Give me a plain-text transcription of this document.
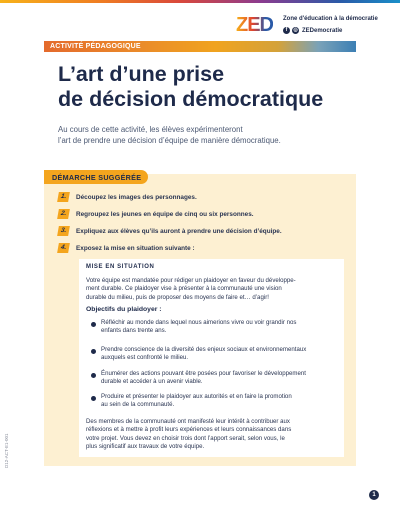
ZED Zone d'éducation à la démocratie
f	◎ ZEDemocratie
ACTIVITÉ PÉDAGOGIQUE
L’art d’une prise
de décision démocratique

Au cours de cette activité, les élèves expérimenteront
l’art de prendre une décision d’équipe de manière démocratique.

DÉMARCHE SUGGÉRÉE
1.	Découpez les images des personnages.
2.	Regroupez les jeunes en équipe de cinq ou six personnes.
3.	Expliquez aux élèves qu’ils auront à prendre une décision d’équipe.
4.	Exposez la mise en situation suivante :
MISE EN SITUATION
Votre équipe est mandatée pour rédiger un plaidoyer en faveur du développe-
ment durable. Ce plaidoyer vise à présenter à la communauté une vision
durable du milieu, puis de proposer des moyens de faire et… d’agir!
Objectifs du plaidoyer :
Réfléchir au monde dans lequel nous aimerions vivre ou voir grandir nos
enfants dans trente ans.
Prendre conscience de la diversité des enjeux sociaux et environnementaux
auxquels est confronté le milieu.
Énumérer des actions pouvant être posées pour favoriser le développement
durable et accéder à un avenir viable.
Produire et présenter le plaidoyer aux autorités et en faire la promotion
au sein de la communauté.
Des membres de la communauté ont manifesté leur intérêt à contribuer aux
réflexions et à mettre à profit leurs expériences et leurs connaissances dans
votre projet. Vous devez en choisir trois dont l’apport serait, selon vous, le
plus significatif aux travaux de votre équipe.
D12-ACT-E1-001
1
